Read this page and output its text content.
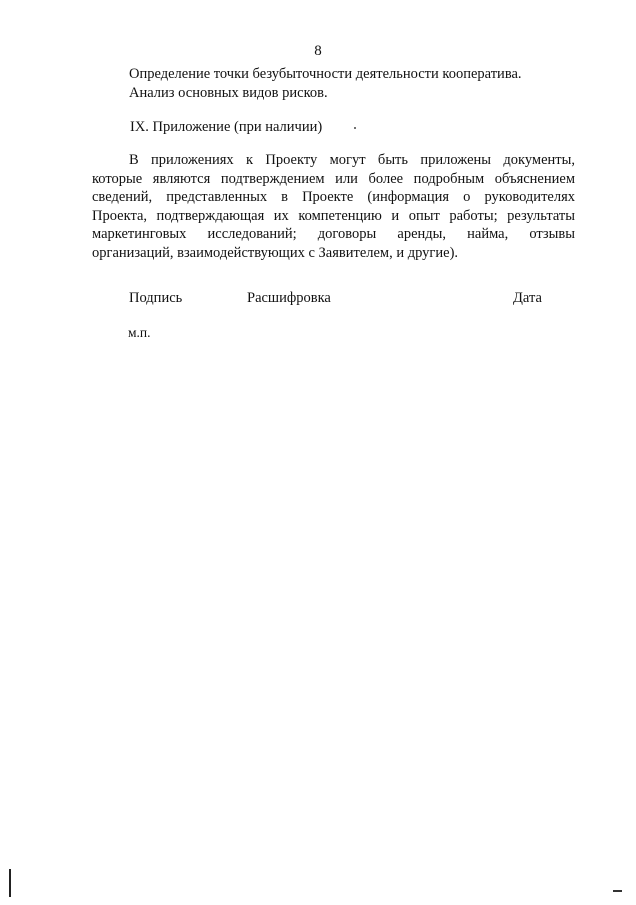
8
Определение точки безубыточности деятельности кооператива.
Анализ основных видов рисков.
IX. Приложение (при наличии)
В приложениях к Проекту могут быть приложены документы,
которые являются подтверждением или более подробным объяснением
сведений, представленных в Проекте (информация о руководителях
Проекта, подтверждающая их компетенцию и опыт работы; результаты
маркетинговых исследований; договоры аренды, найма, отзывы
организаций, взаимодействующих с Заявителем, и другие).
Подпись	Расшифровка	Дата
м.п.
